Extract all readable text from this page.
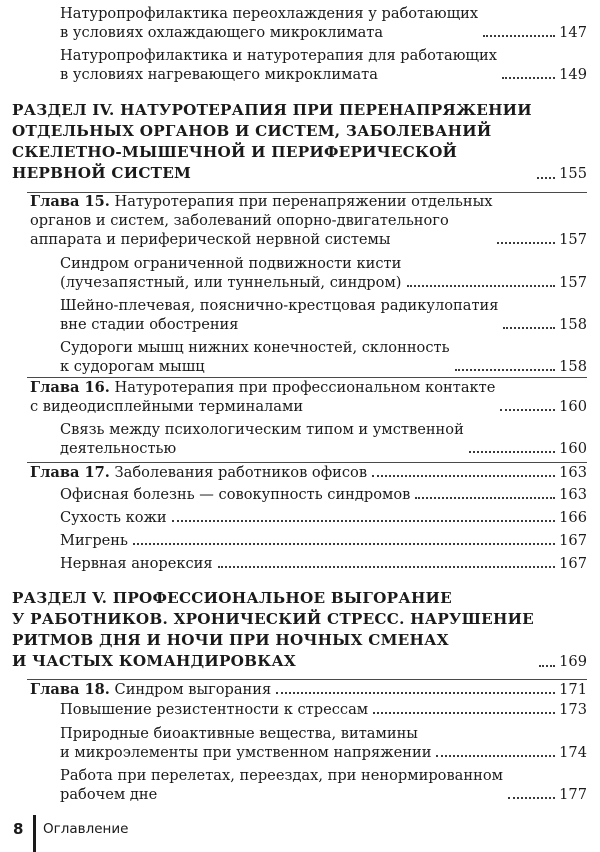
Натуропрофилактика переохлаждения у работающих
в условиях охлаждающего микроклимата	147
Натуропрофилактика и натуротерапия для работающих
в условиях нагревающего микроклимата	149
РАЗДЕЛ IV. НАТУРОТЕРАПИЯ ПРИ ПЕРЕНАПРЯЖЕНИИ
ОТДЕЛЬНЫХ ОРГАНОВ И СИСТЕМ, ЗАБОЛЕВАНИЙ
СКЕЛЕТНО-МЫШЕЧНОЙ И ПЕРИФЕРИЧЕСКОЙ
НЕРВНОЙ СИСТЕМ	155
Глава 15. Натуротерапия при перенапряжении отдельных
органов и систем, заболеваний опорно-двигательного
аппарата и периферической нервной системы	157
Синдром ограниченной подвижности кисти
(лучезапястный, или туннельный, синдром)	157
Шейно-плечевая, пояснично-крестцовая радикулопатия
вне стадии обострения	158
Судороги мышц нижних конечностей, склонность
к судорогам мышц	158
Глава 16. Натуротерапия при профессиональном контакте
с видеодисплейными терминалами	160
Связь между психологическим типом и умственной
деятельностью	160
Глава 17. Заболевания работников офисов	163
Офисная болезнь — совокупность синдромов	163
Сухость кожи	166
Мигрень	167
Нервная анорексия	167
РАЗДЕЛ V. ПРОФЕССИОНАЛЬНОЕ ВЫГОРАНИЕ
У РАБОТНИКОВ. ХРОНИЧЕСКИЙ СТРЕСС. НАРУШЕНИЕ
РИТМОВ ДНЯ И НОЧИ ПРИ НОЧНЫХ СМЕНАХ
И ЧАСТЫХ КОМАНДИРОВКАХ	169
Глава 18. Синдром выгорания	171
Повышение резистентности к стрессам	173
Природные биоактивные вещества, витамины
и микроэлементы при умственном напряжении	174
Работа при перелетах, переездах, при ненормированном
рабочем дне	177
8 Оглавление
